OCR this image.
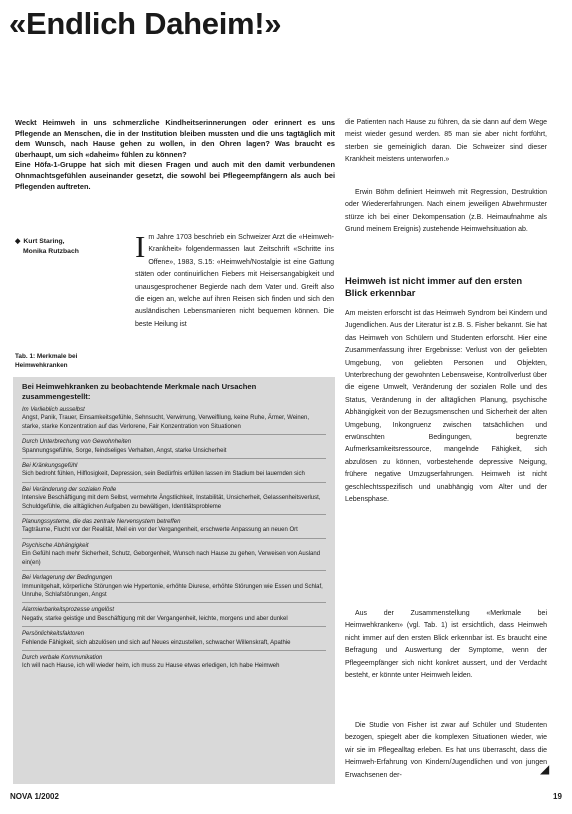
«Endlich Daheim!»

Weckt Heimweh in uns schmerzliche Kindheitserinnerungen oder erinnert es uns Pflegende an Menschen, die in der Institution bleiben mussten und die uns tagtäglich mit dem Wunsch, nach Hause gehen zu wollen, in den Ohren lagen? Was braucht es überhaupt, um sich «daheim» fühlen zu können?

Eine Höfa-1-Gruppe hat sich mit diesen Fragen und auch mit den damit verbundenen Ohnmachtsgefühlen auseinander gesetzt, die sowohl bei Pflegeempfängern als auch bei Pflegenden auftreten.

◆ Kurt Staring,
Monika Rutzbach	Im Jahre 1703 beschrieb ein Schweizer Arzt die «Heimweh-Krankheit» folgendermassen laut Zeitschrift «Schritte ins Offene», 1983, S.15: «Heimweh/Nostalgie ist eine Gattung stäten oder continuirlichen Fiebers mit Heisersangabigkeit und unausgesprochener Begierde nach dem Vater und. Greift also die eigen an, welche auf ihren Reisen sich finden und sich den ausländischen Lebensmanieren nicht bequemen können. Die beste Heilung ist
Tab. 1: Merkmale bei Heimwehkranken
Bei Heimwehkranken zu beobachtende Merkmale nach Ursachen zusammengestellt:
Im Verlieblich ausselbst
Angst, Panik, Trauer, Einsamkeitsgefühle, Sehnsucht, Verwirrung, Verweifllung, keine Ruhe, Ärmer, Weinen, starke, starke Konzentration auf das Verlorene, Fair Konzentration von Situationen
Durch Unterbrechung von Gewohnheiten
Spannungsgefühle, Sorge, feindseliges Verhalten, Angst, starke Unsicherheit
Bei Kränkungsgefühl
Sich bedroht fühlen, Hilflosigkeit, Depression, sein Bedürfnis erfüllen lassen im Stadium bei lauernden sich
Bei Veränderung der sozialen Rolle
Intensive Beschäftigung mit dem Selbst, vermehrte Ängstlichkeit, Instabilität, Unsicherheit, Gelassenheitsverlust, Schuldgefühle, die alltäglichen Aufgaben zu bewältigen, Identitätsprobleme
Planungssysteme, die das zentrale Nervensystem betreffen
Tagträume, Flucht vor der Realität, Meil ein vor der Vergangenheit, erschwerte Anpassung an neuen Ort
Psychische Abhängigkeit
Ein Gefühl nach mehr Sicherheit, Schutz, Geborgenheit, Wunsch nach Hause zu gehen, Verweisen von Ausland ein(en)
Bei Verlagerung der Bedingungen
Immunitgehalt, körperliche Störungen wie Hypertonie, erhöhte Diurese, erhöhte Störungen wie Essen und Schlaf, Unruhe, Schlafstörungen, Angst
Alarmierbarkeitsprozesse ungelöst
Negativ, starke geistige und Beschäftigung mit der Vergangenheit, leichte, morgens und aber dunkel
Persönlichkeitsfaktoren
Fehlende Fähigkeit, sich abzulösen und sich auf Neues einzustellen, schwacher Willenskraft, Apathie
Durch verbale Kommunikation
Ich will nach Hause, ich will wieder heim, ich muss zu Hause etwas erledigen, Ich habe Heimweh

die Patienten nach Hause zu führen, da sie dann auf dem Wege meist wieder gesund werden. 85 man sie aber nicht fortführt, sterben sie gemeiniglich daran. Die Schweizer sind dieser Krankheit meistens unterworfen.»

Erwin Böhm definiert Heimweh mit Regression, Destruktion oder Wiedererfahrungen. Nach einem jeweiligen Abwehrmuster stürze ich bei einer Dekompensation (z.B. Heimaufnahme als Grund meinem Ereignis) zustehende Heimwehsituation ab.

Heimweh ist nicht immer auf den ersten Blick erkennbar

Am meisten erforscht ist das Heimweh Syndrom bei Kindern und Jugendlichen. Aus der Literatur ist z.B. S. Fisher bekannt. Sie hat das Heimweh von Schülern und Studenten erforscht. Hier eine Zusammenfassung ihrer Ergebnisse: Verlust von der geliebten Umgebung, von geliebten Personen und Objekten, Unterbrechung der gewohnten Lebensweise, Kontrollverlust über die eigene Umwelt, Veränderung der sozialen Rolle und des Status, Veränderung in der alltäglichen Planung, psychische Abhängigkeit von der Bezugsmenschen und Sicherheit der alten Umgebung, Inkongruenz zwischen tatsächlichen und erwünschten Bedingungen, begrenzte Aufmerksamkeitsressource, mangelnde Fähigkeit, sich abzulösen zu können, vorbestehende depressive Neigung, frühere negative Umzugserfahrungen. Heimweh ist nicht geschlechtsspezifisch und unabhängig vom Alter und der Lebensphase.

Aus der Zusammenstellung «Merkmale bei Heimwehkranken» (vgl. Tab. 1) ist ersichtlich, dass Heimweh nicht immer auf den ersten Blick erkennbar ist. Es braucht eine Befragung und Auswertung der Symptome, wenn der Pflegeempfänger sich nicht konkret aussert, und der Verdacht besteht, er könnte unter Heimweh leiden.

Die Studie von Fisher ist zwar auf Schüler und Studenten bezogen, spiegelt aber die komplexen Situationen wieder, wie wir sie im Pflegealltag erleben. Es hat uns überrascht, dass die Heimweh-Erfahrung von Kindern/Jugendlichen und von jungen Erwachsenen der-	◢
NOVA 1/2002	19
